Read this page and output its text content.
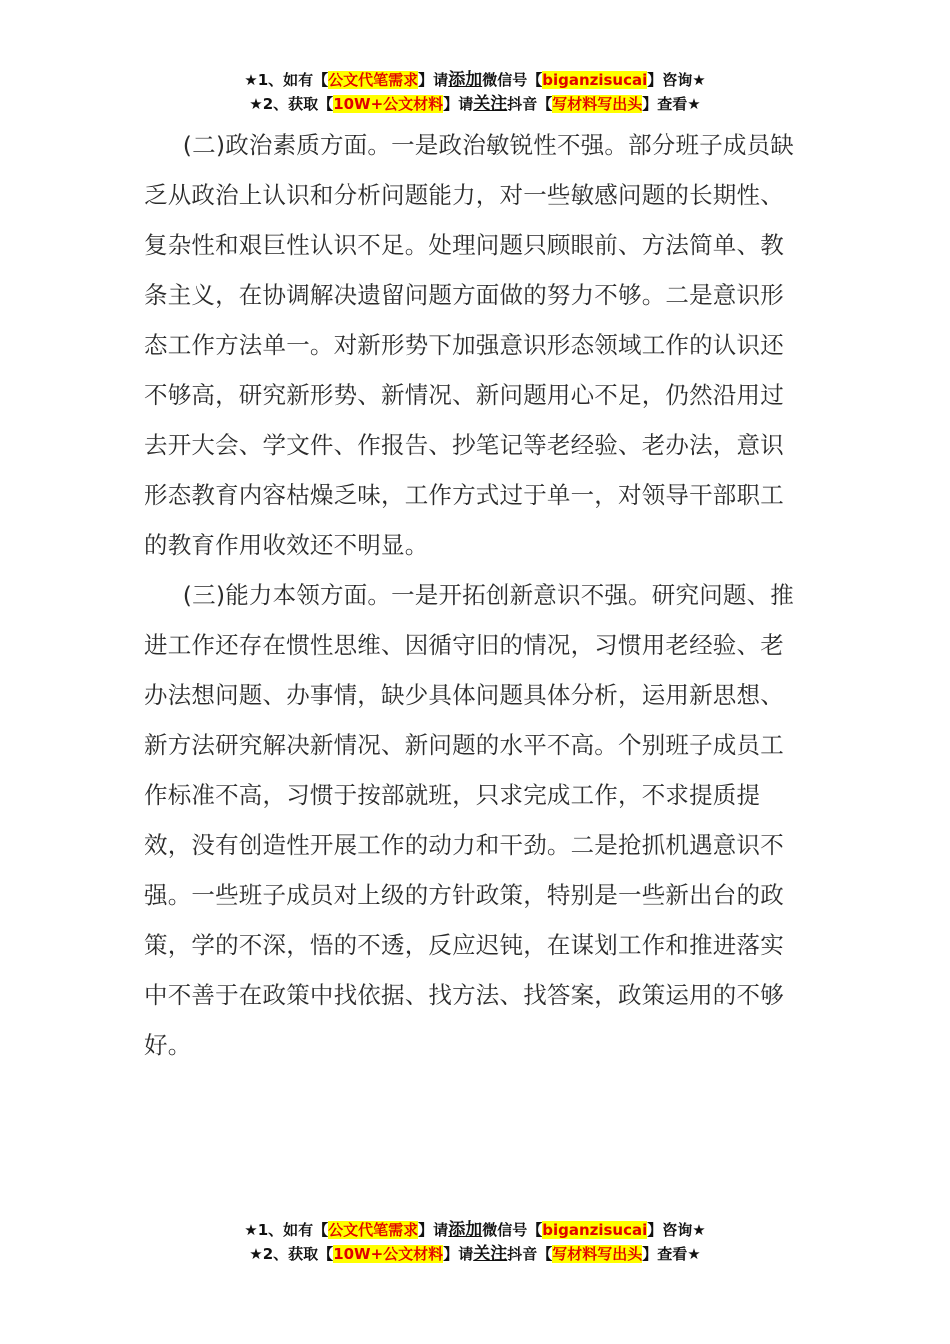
★1、如有【公文代笔需求】请添加微信号【biganzisucai】咨询★
★2、获取【10W+公文材料】请关注抖音【写材料写出头】查看★

(二)政治素质方面。一是政治敏锐性不强。部分班子成员缺乏从政治上认识和分析问题能力，对一些敏感问题的长期性、复杂性和艰巨性认识不足。处理问题只顾眼前、方法简单、教条主义，在协调解决遗留问题方面做的努力不够。二是意识形态工作方法单一。对新形势下加强意识形态领域工作的认识还不够高，研究新形势、新情况、新问题用心不足，仍然沿用过去开大会、学文件、作报告、抄笔记等老经验、老办法，意识形态教育内容枯燥乏味，工作方式过于单一，对领导干部职工的教育作用收效还不明显。

(三)能力本领方面。一是开拓创新意识不强。研究问题、推进工作还存在惯性思维、因循守旧的情况，习惯用老经验、老办法想问题、办事情，缺少具体问题具体分析，运用新思想、新方法研究解决新情况、新问题的水平不高。个别班子成员工作标准不高，习惯于按部就班，只求完成工作，不求提质提效，没有创造性开展工作的动力和干劲。二是抢抓机遇意识不强。一些班子成员对上级的方针政策，特别是一些新出台的政策，学的不深，悟的不透，反应迟钝，在谋划工作和推进落实中不善于在政策中找依据、找方法、找答案，政策运用的不够好。

★1、如有【公文代笔需求】请添加微信号【biganzisucai】咨询★
★2、获取【10W+公文材料】请关注抖音【写材料写出头】查看★
